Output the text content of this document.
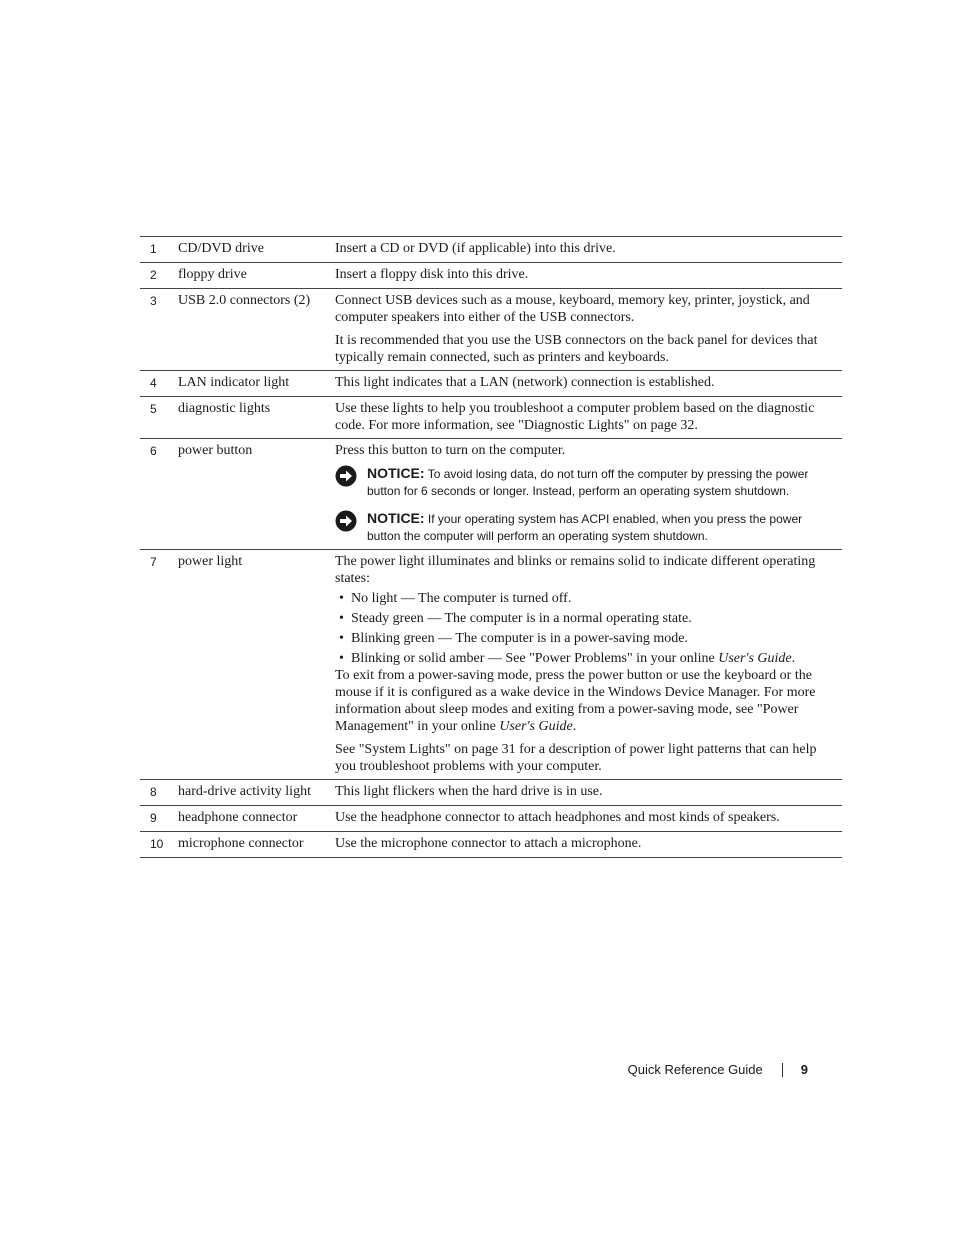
1	CD/DVD drive	Insert a CD or DVD (if applicable) into this drive.

2	floppy drive	Insert a floppy disk into this drive.

3	USB 2.0 connectors (2)	Connect USB devices such as a mouse, keyboard, memory key, printer, joystick, and computer speakers into either of the USB connectors.

It is recommended that you use the USB connectors on the back panel for devices that typically remain connected, such as printers and keyboards.

4	LAN indicator light	This light indicates that a LAN (network) connection is established.

5	diagnostic lights	Use these lights to help you troubleshoot a computer problem based on the diagnostic code. For more information, see "Diagnostic Lights" on page 32.

6	power button	Press this button to turn on the computer.

NOTICE: To avoid losing data, do not turn off the computer by pressing the power button for 6 seconds or longer. Instead, perform an operating system shutdown.
NOTICE: If your operating system has ACPI enabled, when you press the power button the computer will perform an operating system shutdown.
7	power light	The power light illuminates and blinks or remains solid to indicate different operating states:

• No light — The computer is turned off.
• Steady green — The computer is in a normal operating state.
• Blinking green — The computer is in a power-saving mode.
• Blinking or solid amber — See "Power Problems" in your online User's Guide.

To exit from a power-saving mode, press the power button or use the keyboard or the mouse if it is configured as a wake device in the Windows Device Manager. For more information about sleep modes and exiting from a power-saving mode, see "Power Management" in your online User's Guide.

See "System Lights" on page 31 for a description of power light patterns that can help you troubleshoot problems with your computer.

8	hard-drive activity light	This light flickers when the hard drive is in use.

9	headphone connector	Use the headphone connector to attach headphones and most kinds of speakers.

10	microphone connector	Use the microphone connector to attach a microphone.

Quick Reference Guide	9
